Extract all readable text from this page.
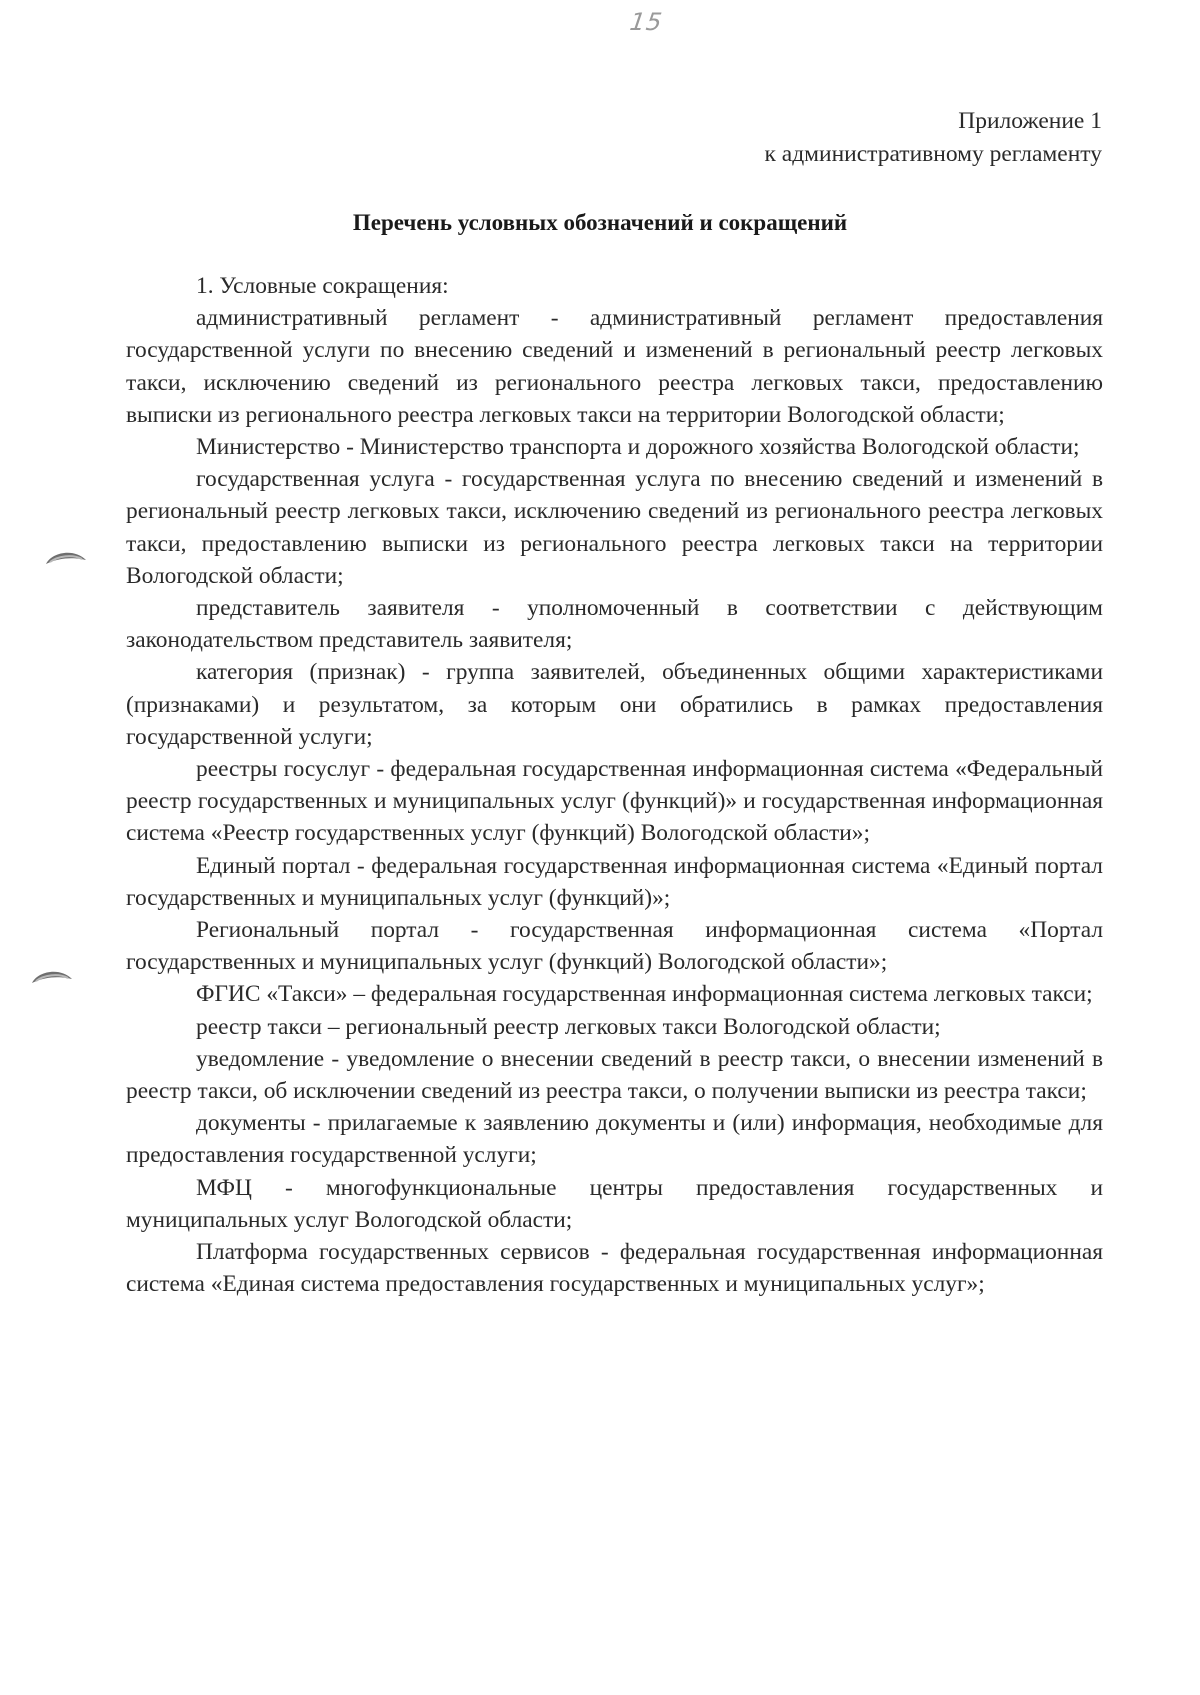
15
Приложение 1
к административному регламенту
Перечень условных обозначений и сокращений

1. Условные сокращения:

административный регламент - административный регламент предоставления государственной услуги по внесению сведений и изменений в региональный реестр легковых такси, исключению сведений из регионального реестра легковых такси, предоставлению выписки из регионального реестра легковых такси на территории Вологодской области;

Министерство - Министерство транспорта и дорожного хозяйства Вологодской области;

государственная услуга - государственная услуга по внесению сведений и изменений в региональный реестр легковых такси, исключению сведений из регионального реестра легковых такси, предоставлению выписки из регионального реестра легковых такси на территории Вологодской области;

представитель заявителя - уполномоченный в соответствии с действующим законодательством представитель заявителя;

категория (признак) - группа заявителей, объединенных общими характеристиками (признаками) и результатом, за которым они обратились в рамках предоставления государственной услуги;

реестры госуслуг - федеральная государственная информационная система «Федеральный реестр государственных и муниципальных услуг (функций)» и государственная информационная система «Реестр государственных услуг (функций) Вологодской области»;

Единый портал - федеральная государственная информационная система «Единый портал государственных и муниципальных услуг (функций)»;

Региональный портал - государственная информационная система «Портал государственных и муниципальных услуг (функций) Вологодской области»;

ФГИС «Такси» – федеральная государственная информационная система легковых такси;

реестр такси – региональный реестр легковых такси Вологодской области;

уведомление - уведомление о внесении сведений в реестр такси, о внесении изменений в реестр такси, об исключении сведений из реестра такси, о получении выписки из реестра такси;

документы - прилагаемые к заявлению документы и (или) информация, необходимые для предоставления государственной услуги;

МФЦ - многофункциональные центры предоставления государственных и муниципальных услуг Вологодской области;

Платформа государственных сервисов - федеральная государственная информационная система «Единая система предоставления государственных и муниципальных услуг»;
